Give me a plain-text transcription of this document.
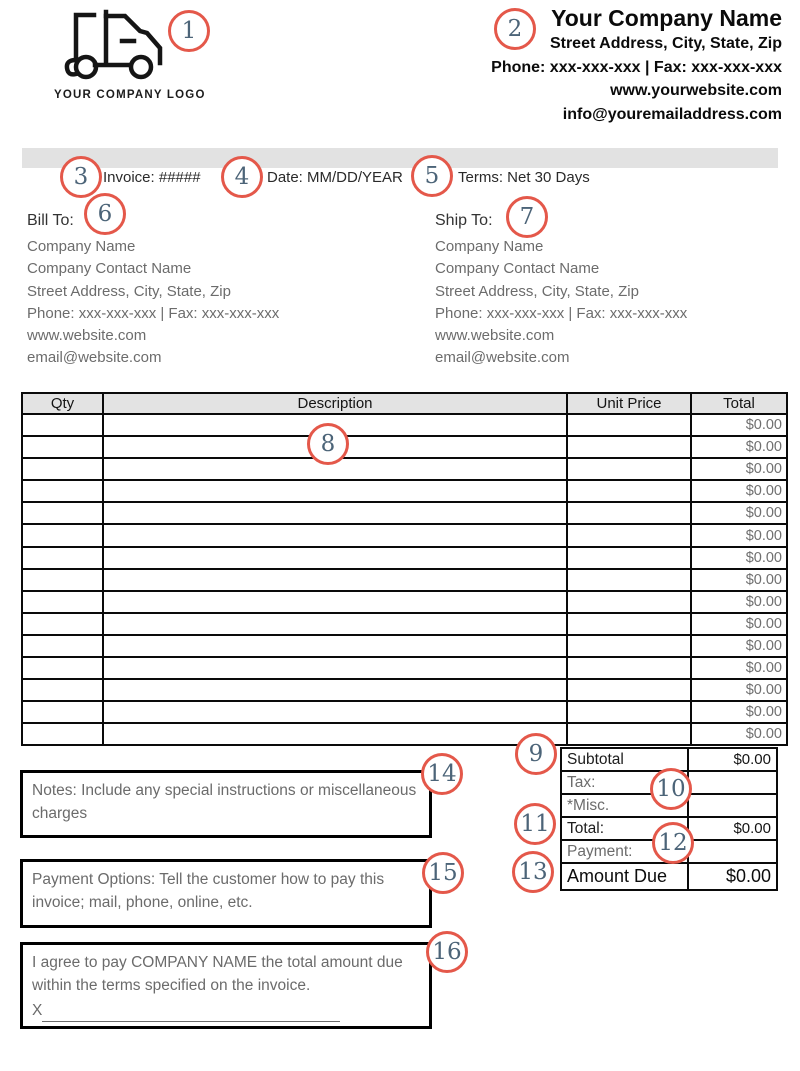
YOUR COMPANY LOGO
Your Company Name
Street Address, City, State, Zip
Phone: xxx-xxx-xxx | Fax: xxx-xxx-xxx
www.yourwebsite.com
info@youremailaddress.com
Invoice: #####	Date: MM/DD/YEAR	Terms: Net 30 Days
Bill To:
Company Name
Company Contact Name
Street Address, City, State, Zip
Phone: xxx-xxx-xxx | Fax: xxx-xxx-xxx
www.website.com
email@website.com
Ship To:
Company Name
Company Contact Name
Street Address, City, State, Zip
Phone: xxx-xxx-xxx | Fax: xxx-xxx-xxx
www.website.com
email@website.com
Qty	Description	Unit Price	Total
			$0.00
			$0.00
			$0.00
			$0.00
			$0.00
			$0.00
			$0.00
			$0.00
			$0.00
			$0.00
			$0.00
			$0.00
			$0.00
			$0.00
			$0.00
Subtotal	$0.00
Tax:
*Misc.
Total:	$0.00
Payment:
Amount Due	$0.00
Notes: Include any special instructions or miscellaneous charges
Payment Options: Tell the customer how to pay this invoice; mail, phone, online, etc.
I agree to pay COMPANY NAME the total amount due within the terms specified on the invoice.
X
1	2
3	4	5
6	7
8
9
10
11
12
13
14
15
16
